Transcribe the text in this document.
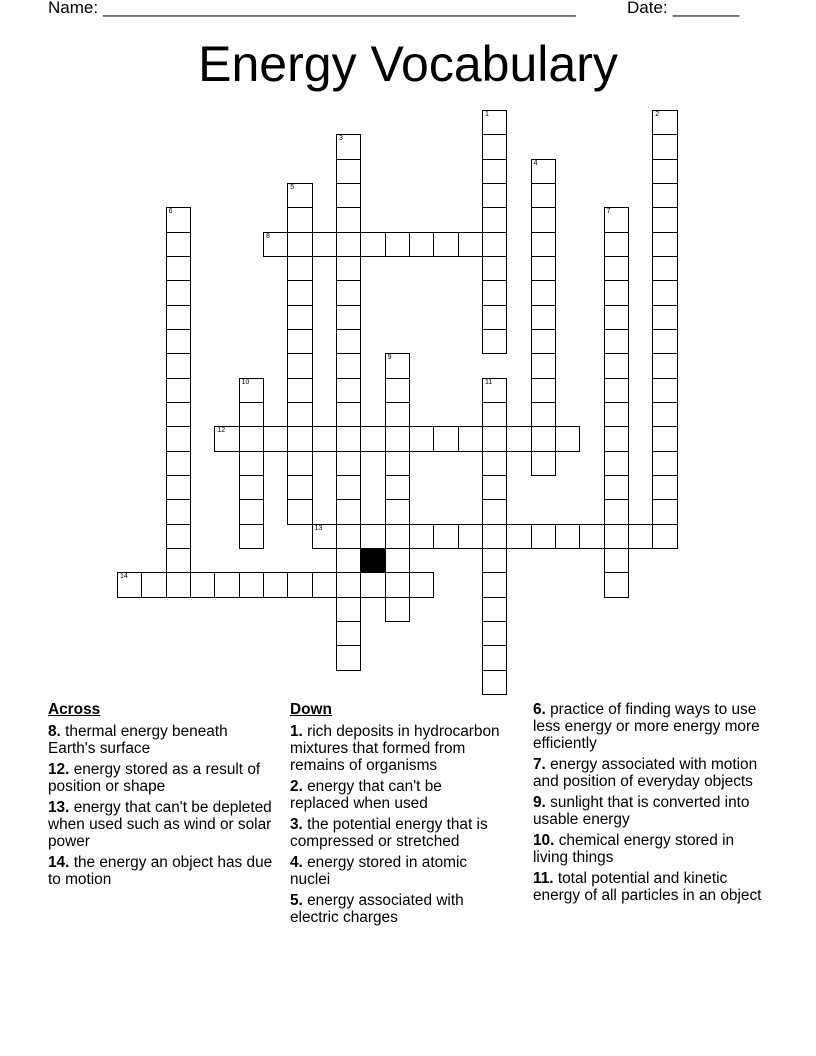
Name: __________________________________________________	Date: _______
Energy Vocabulary
1	2
3
4
5
6	7
8
9
10	11
12
13
14
Across
8. thermal energy beneath Earth's surface
12. energy stored as a result of position or shape
13. energy that can't be depleted when used such as wind or solar power
14. the energy an object has due to motion
Down
1. rich deposits in hydrocarbon mixtures that formed from remains of organisms
2. energy that can't be replaced when used
3. the potential energy that is compressed or stretched
4. energy stored in atomic nuclei
5. energy associated with electric charges
6. practice of finding ways to use less energy or more energy more efficiently
7. energy associated with motion and position of everyday objects
9. sunlight that is converted into usable energy
10. chemical energy stored in living things
11. total potential and kinetic energy of all particles in an object
